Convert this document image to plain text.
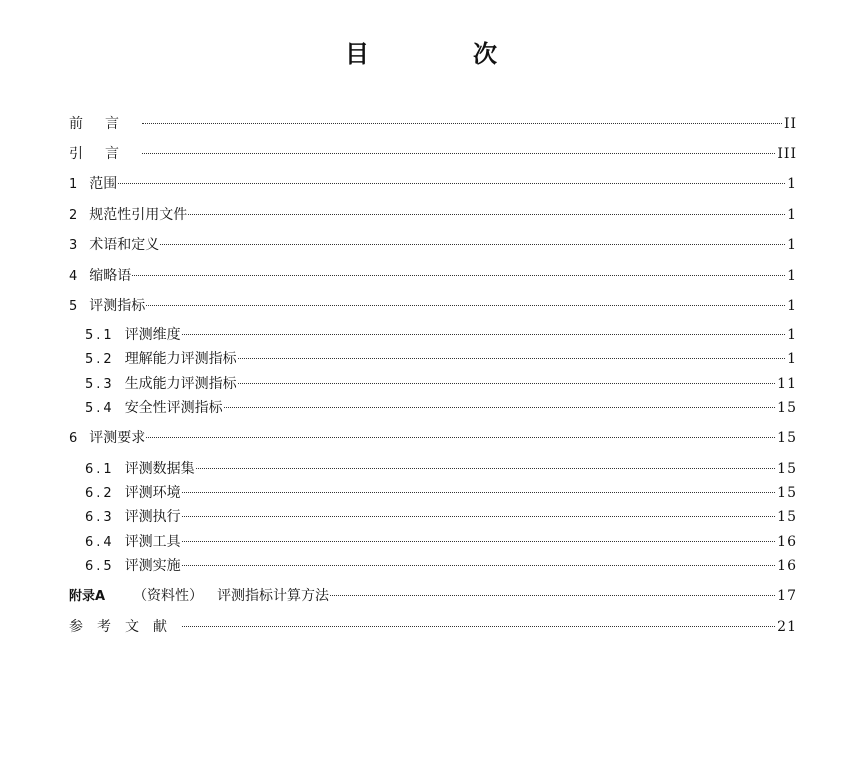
目　次
前言	II
引言	III
1 范围	1
2 规范性引用文件	1
3 术语和定义	1
4 缩略语	1
5 评测指标	1
5.1 评测维度	1
5.2 理解能力评测指标	1
5.3 生成能力评测指标	11
5.4 安全性评测指标	15
6 评测要求	15
6.1 评测数据集	15
6.2 评测环境	15
6.3 评测执行	15
6.4 评测工具	16
6.5 评测实施	16
附录A （资料性） 评测指标计算方法	17
参考文献	21
